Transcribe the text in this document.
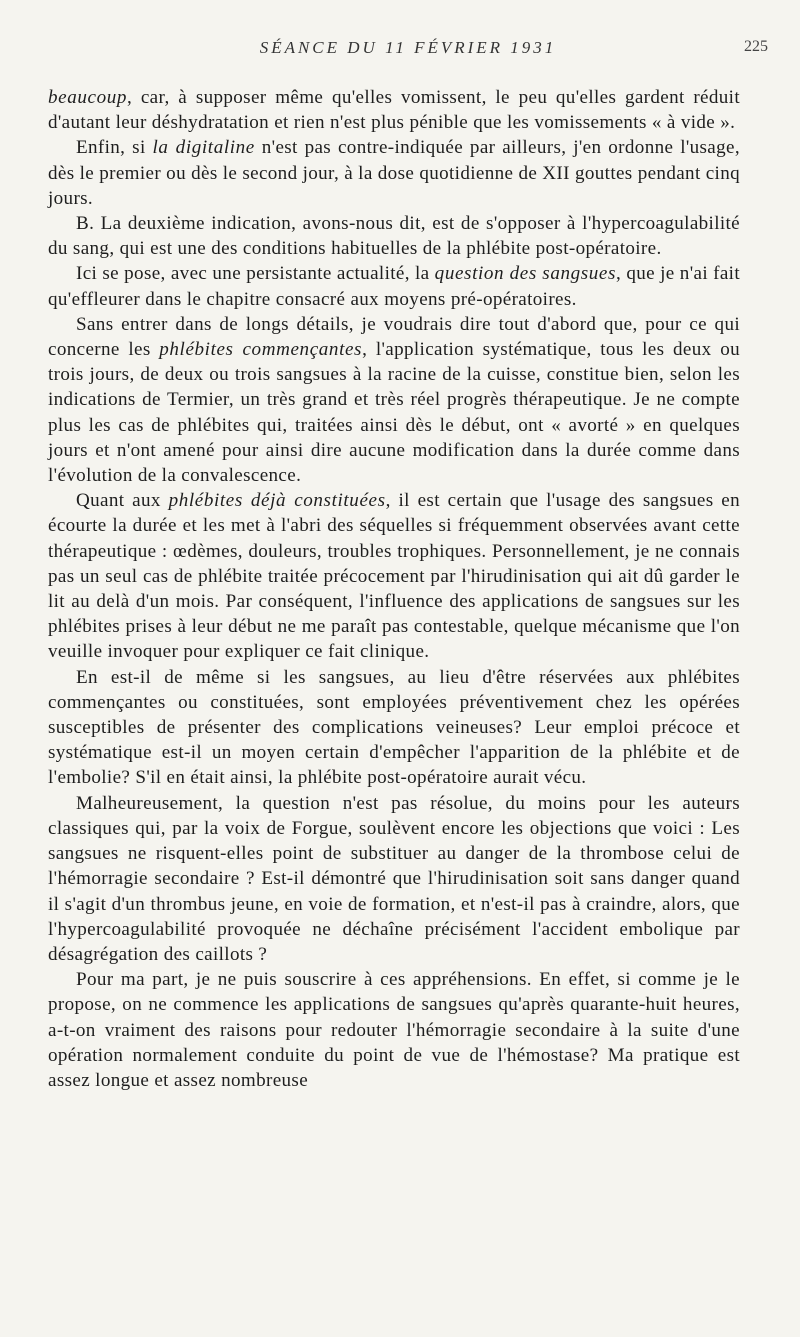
SÉANCE DU 11 FÉVRIER 1931	225

beaucoup, car, à supposer même qu'elles vomissent, le peu qu'elles gardent réduit d'autant leur déshydratation et rien n'est plus pénible que les vomissements « à vide ».

Enfin, si la digitaline n'est pas contre-indiquée par ailleurs, j'en ordonne l'usage, dès le premier ou dès le second jour, à la dose quotidienne de XII gouttes pendant cinq jours.

B. La deuxième indication, avons-nous dit, est de s'opposer à l'hypercoagulabilité du sang, qui est une des conditions habituelles de la phlébite post-opératoire.

Ici se pose, avec une persistante actualité, la question des sangsues, que je n'ai fait qu'effleurer dans le chapitre consacré aux moyens pré-opératoires.

Sans entrer dans de longs détails, je voudrais dire tout d'abord que, pour ce qui concerne les phlébites commençantes, l'application systématique, tous les deux ou trois jours, de deux ou trois sangsues à la racine de la cuisse, constitue bien, selon les indications de Termier, un très grand et très réel progrès thérapeutique. Je ne compte plus les cas de phlébites qui, traitées ainsi dès le début, ont « avorté » en quelques jours et n'ont amené pour ainsi dire aucune modification dans la durée comme dans l'évolution de la convalescence.

Quant aux phlébites déjà constituées, il est certain que l'usage des sangsues en écourte la durée et les met à l'abri des séquelles si fréquemment observées avant cette thérapeutique : œdèmes, douleurs, troubles trophiques. Personnellement, je ne connais pas un seul cas de phlébite traitée précocement par l'hirudinisation qui ait dû garder le lit au delà d'un mois. Par conséquent, l'influence des applications de sangsues sur les phlébites prises à leur début ne me paraît pas contestable, quelque mécanisme que l'on veuille invoquer pour expliquer ce fait clinique.

En est-il de même si les sangsues, au lieu d'être réservées aux phlébites commençantes ou constituées, sont employées préventivement chez les opérées susceptibles de présenter des complications veineuses? Leur emploi précoce et systématique est-il un moyen certain d'empêcher l'apparition de la phlébite et de l'embolie? S'il en était ainsi, la phlébite post-opératoire aurait vécu.

Malheureusement, la question n'est pas résolue, du moins pour les auteurs classiques qui, par la voix de Forgue, soulèvent encore les objections que voici : Les sangsues ne risquent-elles point de substituer au danger de la thrombose celui de l'hémorragie secondaire ? Est-il démontré que l'hirudinisation soit sans danger quand il s'agit d'un thrombus jeune, en voie de formation, et n'est-il pas à craindre, alors, que l'hypercoagulabilité provoquée ne déchaîne précisément l'accident embolique par désagrégation des caillots ?

Pour ma part, je ne puis souscrire à ces appréhensions. En effet, si comme je le propose, on ne commence les applications de sangsues qu'après quarante-huit heures, a-t-on vraiment des raisons pour redouter l'hémorragie secondaire à la suite d'une opération normalement conduite du point de vue de l'hémostase? Ma pratique est assez longue et assez nombreuse
